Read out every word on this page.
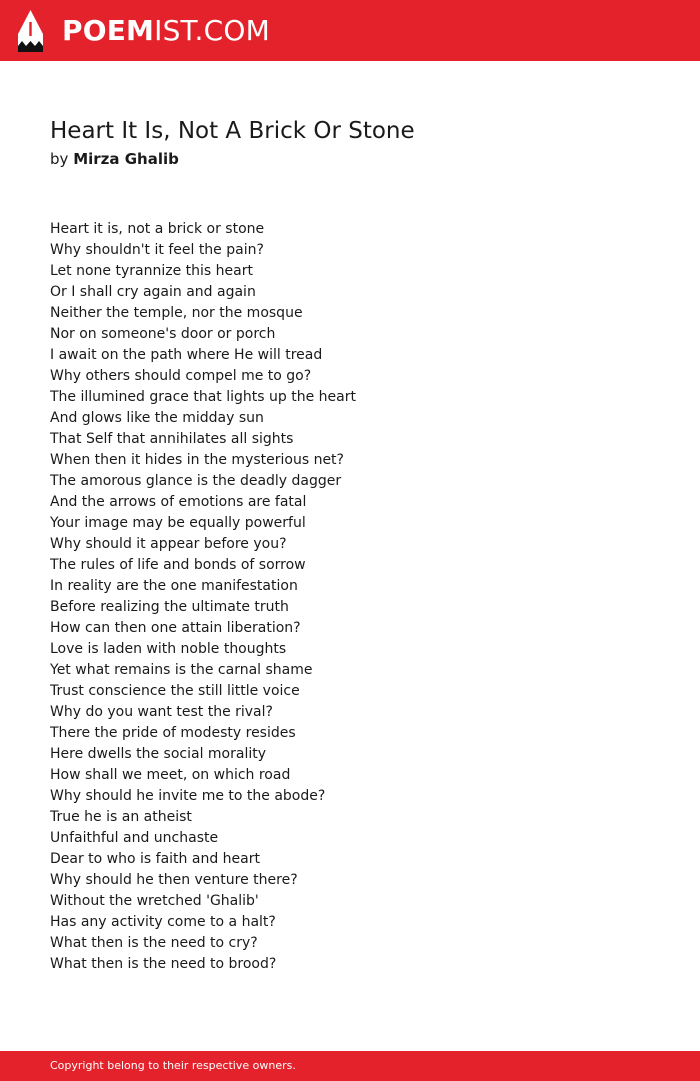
POEMIST.COM
Heart It Is, Not A Brick Or Stone
by Mirza Ghalib
Heart it is, not a brick or stone
Why shouldn't it feel the pain?
Let none tyrannize this heart
Or I shall cry again and again
Neither the temple, nor the mosque
Nor on someone's door or porch
I await on the path where He will tread
Why others should compel me to go?
The illumined grace that lights up the heart
And glows like the midday sun
That Self that annihilates all sights
When then it hides in the mysterious net?
The amorous glance is the deadly dagger
And the arrows of emotions are fatal
Your image may be equally powerful
Why should it appear before you?
The rules of life and bonds of sorrow
In reality are the one manifestation
Before realizing the ultimate truth
How can then one attain liberation?
Love is laden with noble thoughts
Yet what remains is the carnal shame
Trust conscience the still little voice
Why do you want test the rival?
There the pride of modesty resides
Here dwells the social morality
How shall we meet, on which road
Why should he invite me to the abode?
True he is an atheist
Unfaithful and unchaste
Dear to who is faith and heart
Why should he then venture there?
Without the wretched 'Ghalib'
Has any activity come to a halt?
What then is the need to cry?
What then is the need to brood?
Copyright belong to their respective owners.
